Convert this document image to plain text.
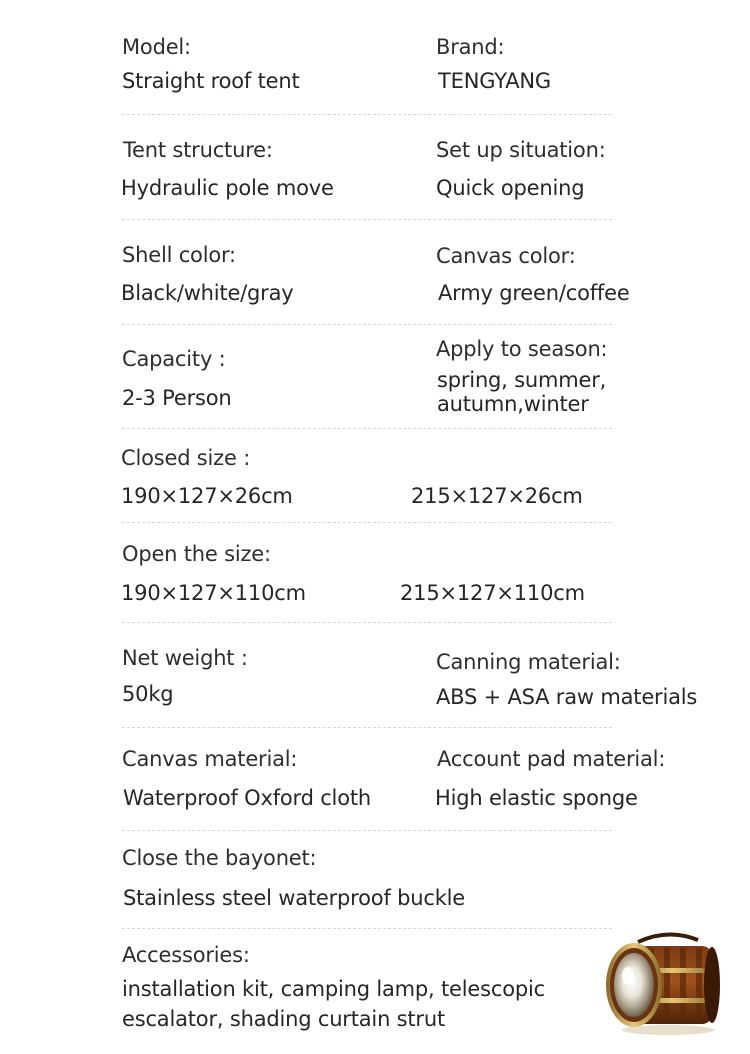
Model:
Straight roof tent
Brand:
TENGYANG
Tent structure:
Hydraulic pole move
Set up situation:
Quick opening
Shell color:
Black/white/gray
Canvas color:
Army green/coffee
Capacity :
2-3 Person
Apply to season:
spring, summer,
autumn,winter
Closed size :
190×127×26cm	215×127×26cm
Open the size:
190×127×110cm	215×127×110cm
Net weight :
50kg
Canning material:
ABS + ASA raw materials
Canvas material:
Waterproof Oxford cloth
Account pad material:
High elastic sponge
Close the bayonet:
Stainless steel waterproof buckle
Accessories:
installation kit, camping lamp, telescopic
escalator, shading curtain strut
